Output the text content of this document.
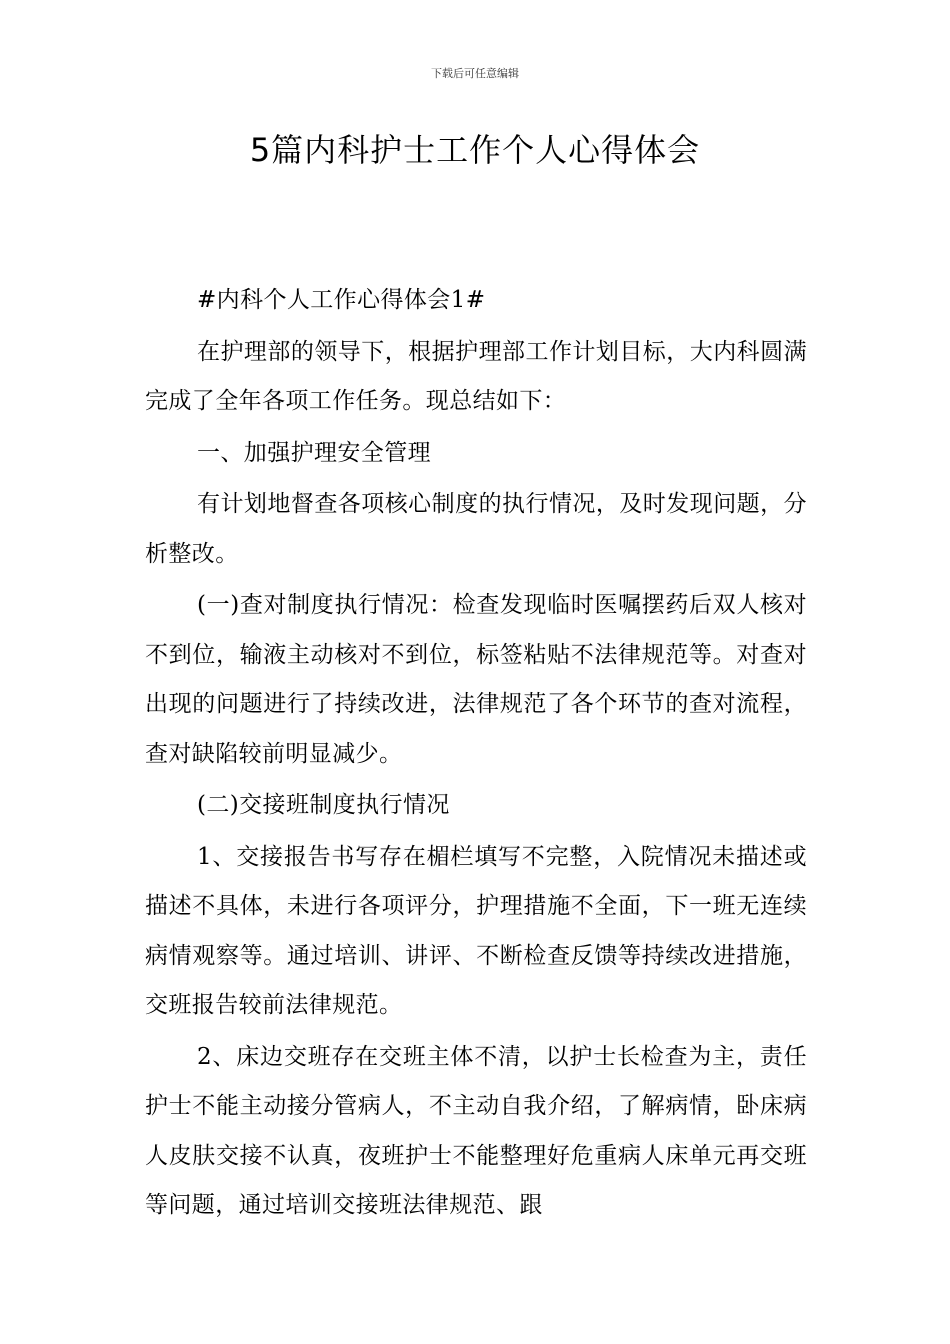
下载后可任意编辑
5篇内科护士工作个人心得体会

#内科个人工作心得体会1#

在护理部的领导下，根据护理部工作计划目标，大内科圆满完成了全年各项工作任务。现总结如下：

一、加强护理安全管理

有计划地督查各项核心制度的执行情况，及时发现问题，分析整改。

(一)查对制度执行情况：检查发现临时医嘱摆药后双人核对不到位，输液主动核对不到位，标签粘贴不法律规范等。对查对出现的问题进行了持续改进，法律规范了各个环节的查对流程，查对缺陷较前明显减少。

(二)交接班制度执行情况

1、交接报告书写存在楣栏填写不完整，入院情况未描述或描述不具体，未进行各项评分，护理措施不全面，下一班无连续病情观察等。通过培训、讲评、不断检查反馈等持续改进措施，交班报告较前法律规范。

2、床边交班存在交班主体不清，以护士长检查为主，责任护士不能主动接分管病人，不主动自我介绍，了解病情，卧床病人皮肤交接不认真，夜班护士不能整理好危重病人床单元再交班等问题，通过培训交接班法律规范、跟
